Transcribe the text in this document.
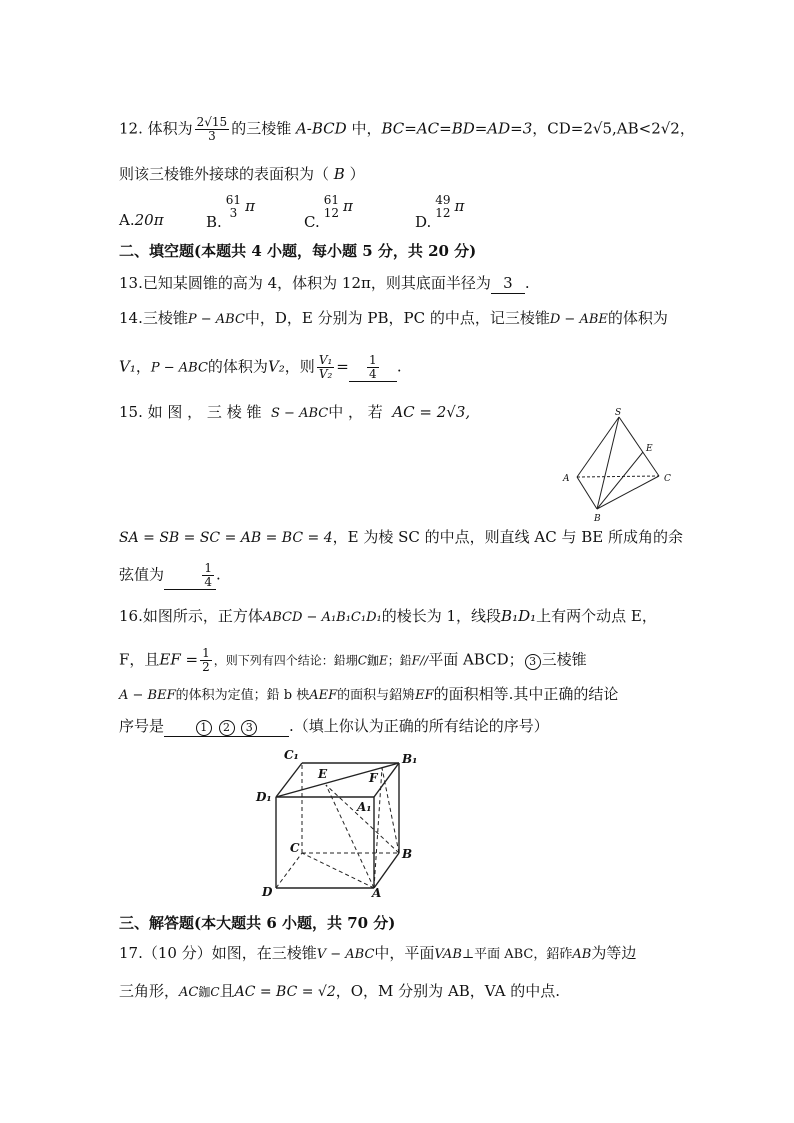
12. 体积为 $\frac{2√15}{3}$ 的三棱锥 A-BCD 中，BC=AC=BD=AD=3，CD=2√5,AB<2√2，
则该三棱锥外接球的表面积为（ B ）
A.20π	B.
61
3 π
C.
61
12 π
D.
49
12 π
二、填空题(本题共 4 小题，每小题 5 分，共 20 分)
13.已知某圆锥的高为 4，体积为 12π，则其底面半径为 3 .
14.三棱锥P − ABC中，D，E 分别为 PB，PC 的中点，记三棱锥D − ABE的体积为
V₁，P − ABC的体积为V₂，则 $\frac{\text{V₁}}{\text{V₂}} = \frac{1}{4}$ .
15. 如 图 ， 三 棱 锥 S − ABC中 ， 若 AC = 2√3,	S
E
A	C
B
SA = SB = SC = AB = BC = 4，E 为棱 SC 的中点，则直线 AC 与 BE 所成角的余
弦值为	$\frac{1}{4}$ .
16.如图所示，正方体ABCD − A₁B₁C₁D₁的棱长为 1，线段B₁D₁上有两个动点 E，
F，且EF = $\frac{1}{2}$ ，则下列有四个结论：鉛堋C鉫E；鉛F//平面 ABCD； 3 三棱锥
A − BEF的体积为定值；鉛 b 柍AEF的面积与鉊矪EF的面积相等.其中正确的结论
序号是	1 2 3 .（填上你认为正确的所有结论的序号）
C₁	B₁
E	F
D₁
A₁
C	B
D	A
三、解答题(本大题共 6 小题，共 70 分)
17.（10 分）如图，在三棱锥V − ABC中，平面VAB⊥平面 ABC，鉊砟AB为等边
三角形，AC鉫C且AC = BC = √2，O，M 分别为 AB，VA 的中点.
